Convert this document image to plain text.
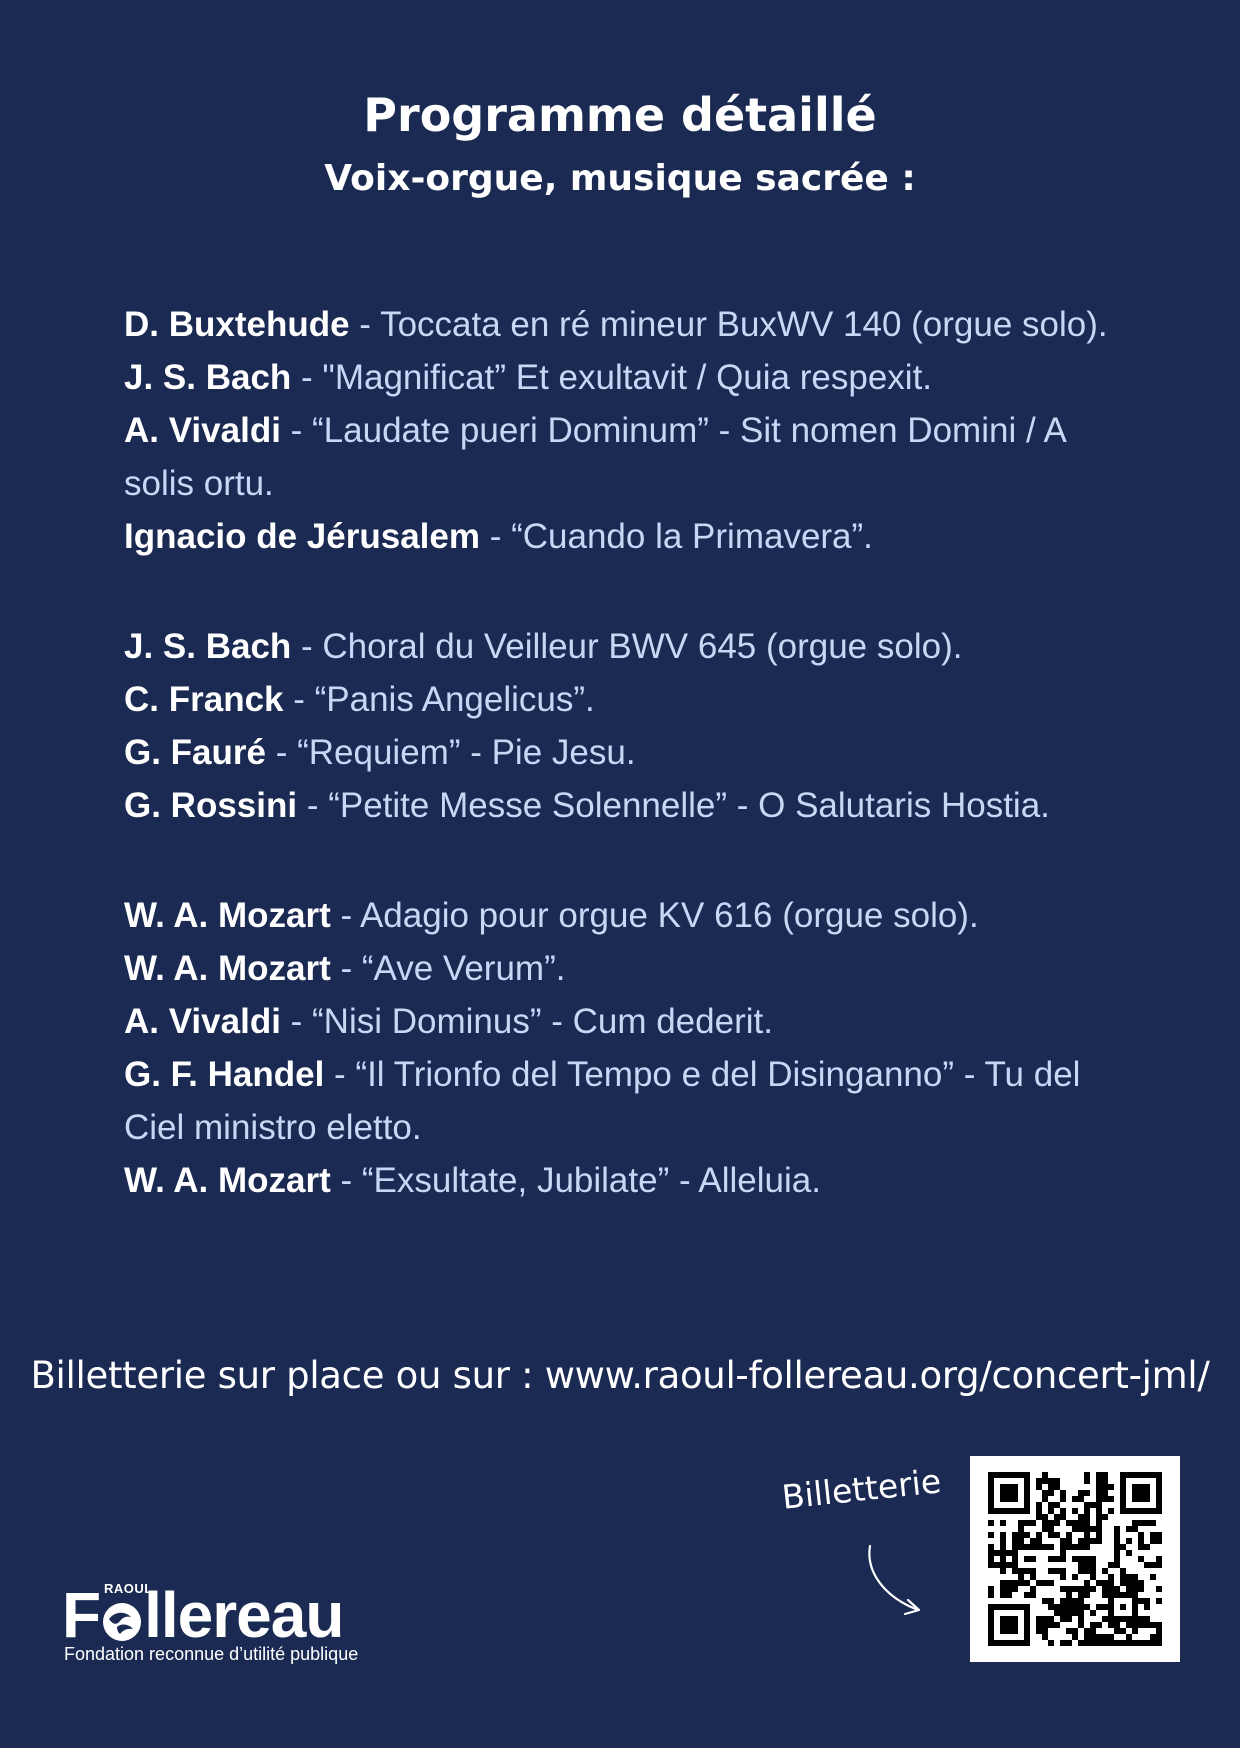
Programme détaillé
Voix-orgue, musique sacrée :

D. Buxtehude - Toccata en ré mineur BuxWV 140 (orgue solo).

J. S. Bach - "Magnificat” Et exultavit / Quia respexit.

A. Vivaldi - “Laudate pueri Dominum” - Sit nomen Domini / A solis ortu.

Ignacio de Jérusalem - “Cuando la Primavera”.

J. S. Bach - Choral du Veilleur BWV 645 (orgue solo).

C. Franck - “Panis Angelicus”.

G. Fauré - “Requiem” - Pie Jesu.

G. Rossini - “Petite Messe Solennelle” - O Salutaris Hostia.

W. A. Mozart - Adagio pour orgue KV 616 (orgue solo).

W. A. Mozart - “Ave Verum”.

A. Vivaldi - “Nisi Dominus” - Cum dederit.

G. F. Handel - “Il Trionfo del Tempo e del Disinganno” - Tu del Ciel ministro eletto.

W. A. Mozart - “Exsultate, Jubilate” - Alleluia.

Billetterie sur place ou sur : www.raoul-follereau.org/concert-jml/
F llereau
RAOUL
Fondation reconnue d’utilité publique
Billetterie
